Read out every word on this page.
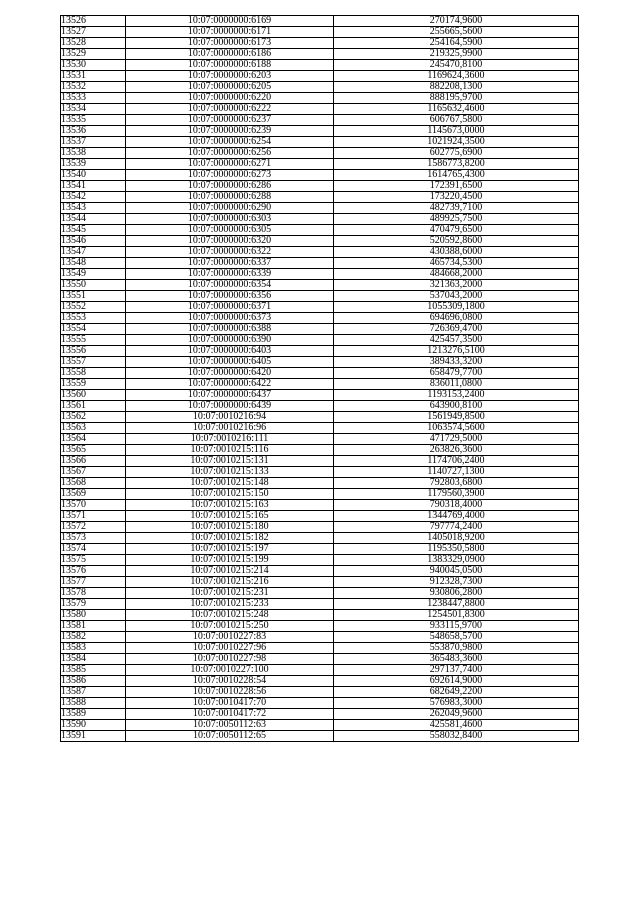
13526	10:07:0000000:6169	270174,9600
13527	10:07:0000000:6171	255665,5600
13528	10:07:0000000:6173	254164,5900
13529	10:07:0000000:6186	219325,9900
13530	10:07:0000000:6188	245470,8100
13531	10:07:0000000:6203	1169624,3600
13532	10:07:0000000:6205	882208,1300
13533	10:07:0000000:6220	888195,9700
13534	10:07:0000000:6222	1165632,4600
13535	10:07:0000000:6237	606767,5800
13536	10:07:0000000:6239	1145673,0000
13537	10:07:0000000:6254	1021924,3500
13538	10:07:0000000:6256	602775,6900
13539	10:07:0000000:6271	1586773,8200
13540	10:07:0000000:6273	1614765,4300
13541	10:07:0000000:6286	172391,6500
13542	10:07:0000000:6288	173220,4500
13543	10:07:0000000:6290	482739,7100
13544	10:07:0000000:6303	489925,7500
13545	10:07:0000000:6305	470479,6500
13546	10:07:0000000:6320	520592,8600
13547	10:07:0000000:6322	430388,6000
13548	10:07:0000000:6337	465734,5300
13549	10:07:0000000:6339	484668,2000
13550	10:07:0000000:6354	321363,2000
13551	10:07:0000000:6356	537043,2000
13552	10:07:0000000:6371	1055309,1800
13553	10:07:0000000:6373	694696,0800
13554	10:07:0000000:6388	726369,4700
13555	10:07:0000000:6390	425457,3500
13556	10:07:0000000:6403	1213276,5100
13557	10:07:0000000:6405	389433,3200
13558	10:07:0000000:6420	658479,7700
13559	10:07:0000000:6422	836011,0800
13560	10:07:0000000:6437	1193153,2400
13561	10:07:0000000:6439	643900,8100
13562	10:07:0010216:94	1561949,8500
13563	10:07:0010216:96	1063574,5600
13564	10:07:0010216:111	471729,5000
13565	10:07:0010215:116	263826,3600
13566	10:07:0010215:131	1174706,2400
13567	10:07:0010215:133	1140727,1300
13568	10:07:0010215:148	792803,6800
13569	10:07:0010215:150	1179560,3900
13570	10:07:0010215:163	790318,4000
13571	10:07:0010215:165	1344769,4000
13572	10:07:0010215:180	797774,2400
13573	10:07:0010215:182	1405018,9200
13574	10:07:0010215:197	1195350,5800
13575	10:07:0010215:199	1383329,0900
13576	10:07:0010215:214	940045,0500
13577	10:07:0010215:216	912328,7300
13578	10:07:0010215:231	930806,2800
13579	10:07:0010215:233	1238447,8800
13580	10:07:0010215:248	1254501,8300
13581	10:07:0010215:250	933115,9700
13582	10:07:0010227:83	548658,5700
13583	10:07:0010227:96	553870,9800
13584	10:07:0010227:98	365483,3600
13585	10:07:0010227:100	297137,7400
13586	10:07:0010228:54	692614,9000
13587	10:07:0010228:56	682649,2200
13588	10:07:0010417:70	576983,3000
13589	10:07:0010417:72	262049,9600
13590	10:07:0050112:63	425581,4600
13591	10:07:0050112:65	558032,8400
